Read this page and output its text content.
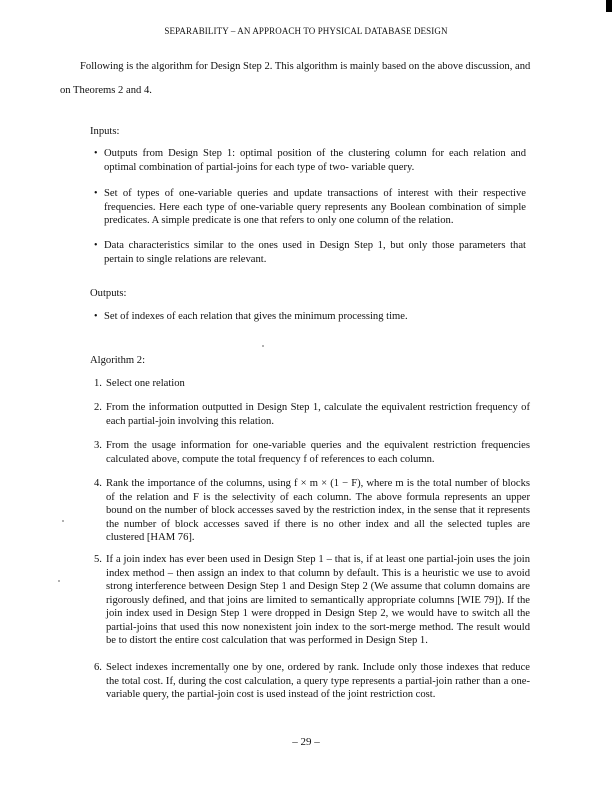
SEPARABILITY – AN APPROACH TO PHYSICAL DATABASE DESIGN
Following is the algorithm for Design Step 2. This algorithm is mainly based on the above discussion, and
on Theorems 2 and 4.
Inputs:
• Outputs from Design Step 1: optimal position of the clustering column for each relation and optimal combination of partial-joins for each type of two- variable query.
• Set of types of one-variable queries and update transactions of interest with their respective frequencies. Here each type of one-variable query represents any Boolean combination of simple predicates. A simple predicate is one that refers to only one column of the relation.
• Data characteristics similar to the ones used in Design Step 1, but only those parameters that pertain to single relations are relevant.
Outputs:
• Set of indexes of each relation that gives the minimum processing time.
Algorithm 2:
1. Select one relation
2. From the information outputted in Design Step 1, calculate the equivalent restriction frequency of each partial-join involving this relation.
3. From the usage information for one-variable queries and the equivalent restriction frequencies calculated above, compute the total frequency f of references to each column.
4. Rank the importance of the columns, using f × m × (1 − F), where m is the total number of blocks of the relation and F is the selectivity of each column. The above formula represents an upper bound on the number of block accesses saved by the restriction index, in the sense that it represents the number of block accesses saved if there is no other index and all the selected tuples are clustered [HAM 76].
5. If a join index has ever been used in Design Step 1 – that is, if at least one partial-join uses the join index method – then assign an index to that column by default. This is a heuristic we use to avoid strong interference between Design Step 1 and Design Step 2 (We assume that column domains are rigorously defined, and that joins are limited to semantically appropriate columns [WIE 79]). If the join index used in Design Step 1 were dropped in Design Step 2, we would have to switch all the partial-joins that used this now nonexistent join index to the sort-merge method. The result would be to distort the entire cost calculation that was performed in Design Step 1.
6. Select indexes incrementally one by one, ordered by rank. Include only those indexes that reduce the total cost. If, during the cost calculation, a query type represents a partial-join rather than a one-variable query, the partial-join cost is used instead of the joint restriction cost.
– 29 –
